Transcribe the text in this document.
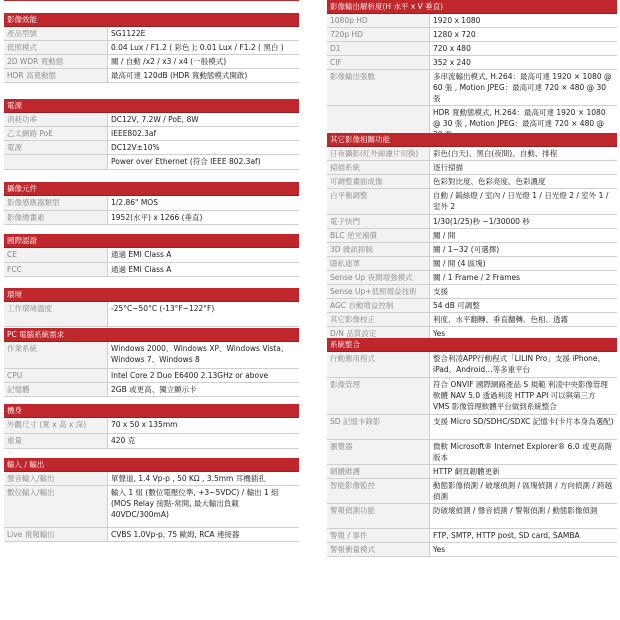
影像效能
產品型號	SG1122E
低照模式	0.04 Lux / F1.2 ( 彩色 ); 0.01 Lux / F1.2 ( 黑白 )
2D WDR 寬動態	關 / 自動 /x2 / x3 / x4 (一般模式)
HDR 高寬動態	最高可達 120dB (HDR 寬動態模式開啟)
電源
消耗功率	DC12V, 7.2W / PoE, 8W
乙太網路 PoE	IEEE802.3af
電源	DC12V±10%
	Power over Ethernet (符合 IEEE 802.3af)
攝像元件
影像感應器類型	1/2.86" MOS
影像總畫素	1952(水平) x 1266 (垂直)
國際認證
CE	通過 EMI Class A
FCC	通過 EMI Class A
環境
工作環境溫度	-25°C~50°C (-13°F~122°F)
PC 電腦系統需求
作業系統	Windows 2000、Windows XP、Windows Vista、Windows 7、Windows 8
CPU	Intel Core 2 Duo E6400 2.13GHz or above
記憶體	2GB 或更高、獨立顯示卡
機身
外觀尺寸 (寬 x 高 x 深)	70 x 50 x 135mm
重量	420 克
輸入 / 輸出
聲音輸入/輸出	單聲道, 1.4 Vp-p , 50 KΩ , 3.5mm 耳機插孔
數位輸入/輸出	輸入 1 組 (數位電壓位準, +3~5VDC) / 輸出 1 組 (MOS Relay 接點-常開, 最大輸出負載 40VDC/300mA)
Live 視頻輸出	CVBS 1.0Vp-p, 75 歐姆, RCA 連接器
影像輸出解析度(H 水平 x V 垂直)
1080p HD	1920 x 1080
720p HD	1280 x 720
D1	720 x 480
CIF	352 x 240
影像輸出張數	多串流輸出模式, H.264：最高可達 1920 × 1080 @ 60 張 , Motion JPEG：最高可達 720 × 480 @ 30 張
	HDR 寬動態模式, H.264：最高可達 1920 × 1080 @ 30 張 , Motion JPEG：最高可達 720 × 480 @
其它影像相關功能
日夜攝影(紅外線濾片切換)	彩色(白天)、黑白(夜間)、自動、排程
掃描系統	逐行掃描
可調整畫面成像	色彩對比度、色彩亮度、色彩濃度
白平衡調整	自動 / 鎢絲燈 / 室內 / 日光燈 1 / 日光燈 2 / 室外 1 / 室外 2
電子快門	1/30(1/25)秒 ~1/30000 秒
BLC 逆光補償	關 / 開
3D 雜訊抑制	關 / 1~32 (可選擇)
隱私遮罩	關 / 開 (4 區塊)
Sense Up 夜間增強模式	關 / 1 Frame / 2 Frames
Sense Up+低照增益技術	支援
AGC 自動增益控制	54 dB 可調整
其它影像校正	利度、水平翻轉、垂直翻轉、色相、透霧
D/N 品質設定	Yes
系統整合
行動應用程式	整合利凌APP行動程式「LILIN Pro」支援 iPhone、iPad、Android…等多重平台
影像管理	符合 ONVIF 國際網路產品 S 規範 利凌中央影像管理軟體 NAV 5.0 透過利凌 HTTP API 可以與第三方 VMS 影像管理軟體平台做到系統整合
SD 記憶卡錄影	支援 Micro SD/SDHC/SDXC 記憶卡(卡片本身為選配)
瀏覽器	微軟 Microsoft® Internet Explorer® 6.0 或更高階版本
韌體維護	HTTP 網頁韌體更新
智能影像監控	動態影像偵測 / 破壞偵測 / 區塊偵測 / 方向偵測 / 跨越偵測
警報偵測功能	防破壞偵測 / 聲音偵測 / 警報偵測 / 動態影像偵測
警報 / 事件	FTP, SMTP, HTTP post, SD card, SAMBA
警報衝量模式	Yes
